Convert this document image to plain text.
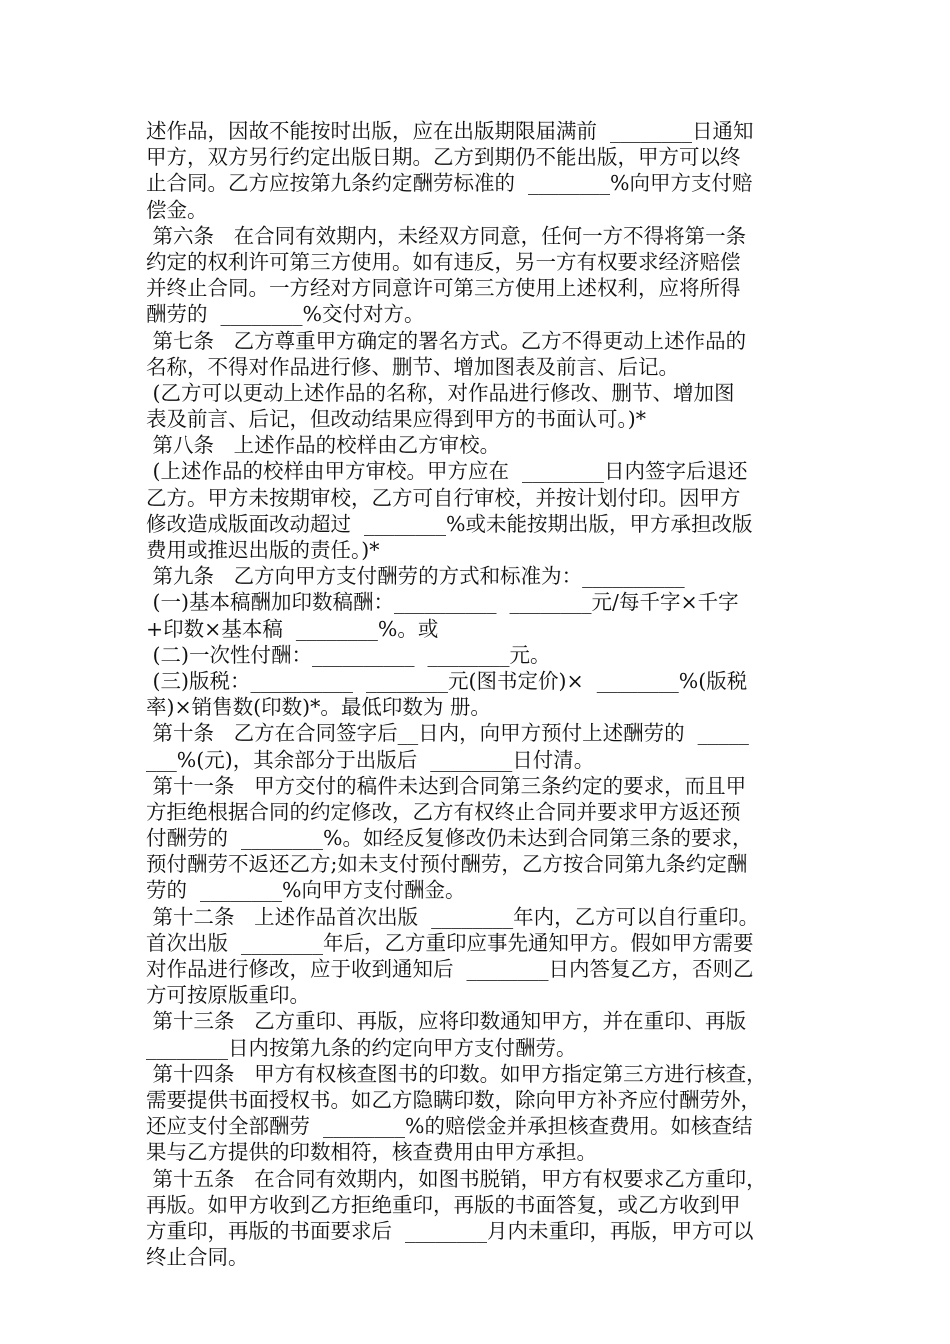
述作品，因故不能按时出版，应在出版期限届满前  ________日通知
甲方，双方另行约定出版日期。乙方到期仍不能出版，甲方可以终
止合同。乙方应按第九条约定酬劳标准的  ________%向甲方支付赔
偿金。
第六条   在合同有效期内，未经双方同意，任何一方不得将第一条
约定的权利许可第三方使用。如有违反，另一方有权要求经济赔偿
并终止合同。一方经对方同意许可第三方使用上述权利，应将所得
酬劳的  ________%交付对方。
第七条   乙方尊重甲方确定的署名方式。乙方不得更动上述作品的
名称，不得对作品进行修、删节、增加图表及前言、后记。
(乙方可以更动上述作品的名称，对作品进行修改、删节、增加图
表及前言、后记，但改动结果应得到甲方的书面认可。)*
第八条   上述作品的校样由乙方审校。
(上述作品的校样由甲方审校。甲方应在  ________日内签字后退还
乙方。甲方未按期审校，乙方可自行审校，并按计划付印。因甲方
修改造成版面改动超过  ________%或未能按期出版，甲方承担改版
费用或推迟出版的责任。)*
第九条   乙方向甲方支付酬劳的方式和标准为：__________
(一)基本稿酬加印数稿酬：__________  ________元/每千字×千字
+印数×基本稿  ________%。或
(二)一次性付酬：__________  ________元。
(三)版税：__________  ________元(图书定价)×  ________%(版税
率)×销售数(印数)*。最低印数为 册。
第十条   乙方在合同签字后__日内，向甲方预付上述酬劳的  _____
___%(元)，其余部分于出版后  ________日付清。
第十一条   甲方交付的稿件未达到合同第三条约定的要求，而且甲
方拒绝根据合同的约定修改，乙方有权终止合同并要求甲方返还预
付酬劳的  ________%。如经反复修改仍未达到合同第三条的要求，
预付酬劳不返还乙方;如未支付预付酬劳，乙方按合同第九条约定酬
劳的  ________%向甲方支付酬金。
第十二条   上述作品首次出版  ________年内，乙方可以自行重印。
首次出版  ________年后，乙方重印应事先通知甲方。假如甲方需要
对作品进行修改，应于收到通知后  ________日内答复乙方，否则乙
方可按原版重印。
第十三条   乙方重印、再版，应将印数通知甲方，并在重印、再版
________日内按第九条的约定向甲方支付酬劳。
第十四条   甲方有权核查图书的印数。如甲方指定第三方进行核查，
需要提供书面授权书。如乙方隐瞒印数，除向甲方补齐应付酬劳外，
还应支付全部酬劳  ________%的赔偿金并承担核查费用。如核查结
果与乙方提供的印数相符，核查费用由甲方承担。
第十五条   在合同有效期内，如图书脱销，甲方有权要求乙方重印，
再版。如甲方收到乙方拒绝重印，再版的书面答复，或乙方收到甲
方重印，再版的书面要求后  ________月内未重印，再版，甲方可以
终止合同。
